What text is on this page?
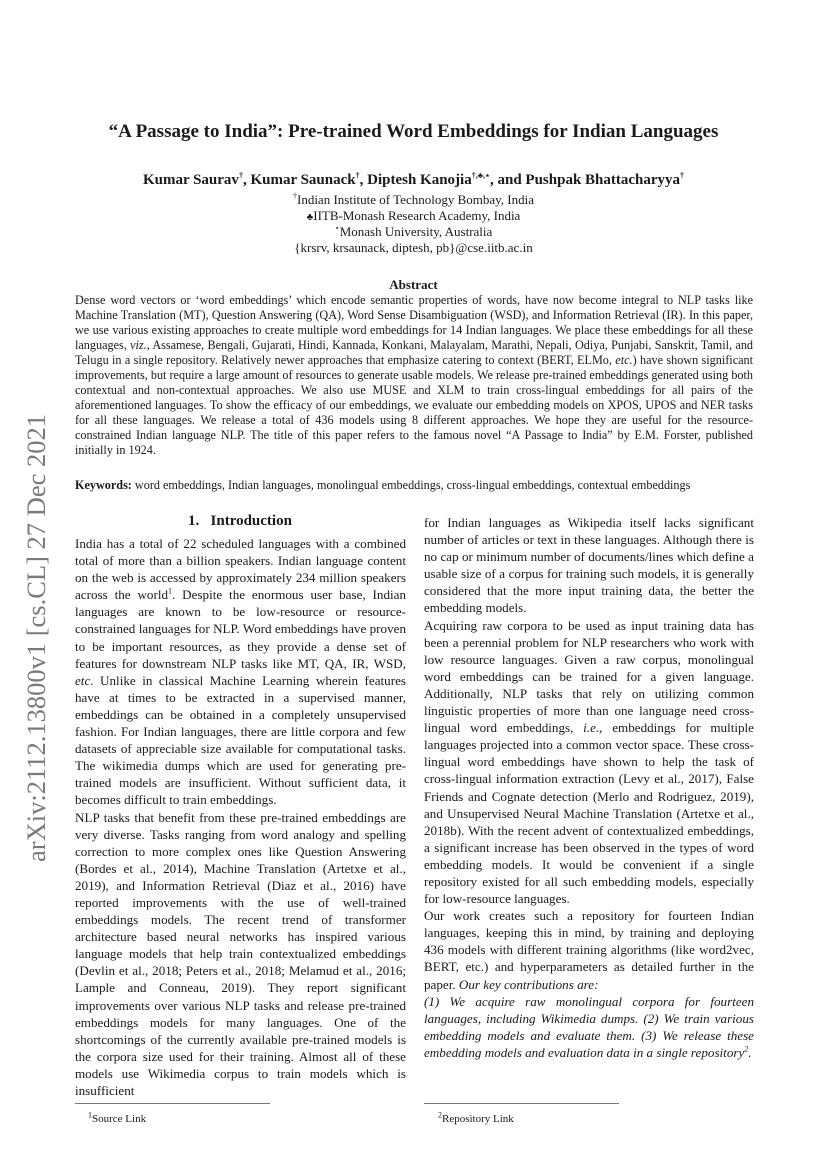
arXiv:2112.13800v1 [cs.CL] 27 Dec 2021
“A Passage to India”: Pre-trained Word Embeddings for Indian Languages
Kumar Saurav†, Kumar Saunack†, Diptesh Kanojia†,♣,⋆, and Pushpak Bhattacharyya†
†Indian Institute of Technology Bombay, India
♣IITB-Monash Research Academy, India
⋆Monash University, Australia
{krsrv, krsaunack, diptesh, pb}@cse.iitb.ac.in
Abstract
Dense word vectors or ‘word embeddings’ which encode semantic properties of words, have now become integral to NLP tasks like Machine Translation (MT), Question Answering (QA), Word Sense Disambiguation (WSD), and Information Retrieval (IR). In this paper, we use various existing approaches to create multiple word embeddings for 14 Indian languages. We place these embeddings for all these languages, viz., Assamese, Bengali, Gujarati, Hindi, Kannada, Konkani, Malayalam, Marathi, Nepali, Odiya, Punjabi, Sanskrit, Tamil, and Telugu in a single repository. Relatively newer approaches that emphasize catering to context (BERT, ELMo, etc.) have shown significant improvements, but require a large amount of resources to generate usable models. We release pre-trained embeddings generated using both contextual and non-contextual approaches. We also use MUSE and XLM to train cross-lingual embeddings for all pairs of the aforementioned languages. To show the efficacy of our embeddings, we evaluate our embedding models on XPOS, UPOS and NER tasks for all these languages. We release a total of 436 models using 8 different approaches. We hope they are useful for the resource-constrained Indian language NLP. The title of this paper refers to the famous novel “A Passage to India” by E.M. Forster, published initially in 1924.
Keywords: word embeddings, Indian languages, monolingual embeddings, cross-lingual embeddings, contextual embeddings
1. Introduction

India has a total of 22 scheduled languages with a combined total of more than a billion speakers. Indian language content on the web is accessed by approximately 234 million speakers across the world$^1$. Despite the enormous user base, Indian languages are known to be low-resource or resource-constrained languages for NLP. Word embeddings have proven to be important resources, as they provide a dense set of features for downstream NLP tasks like MT, QA, IR, WSD, etc. Unlike in classical Machine Learning wherein features have at times to be extracted in a supervised manner, embeddings can be obtained in a completely unsupervised fashion. For Indian languages, there are little corpora and few datasets of appreciable size available for computational tasks. The wikimedia dumps which are used for generating pre-trained models are insufficient. Without sufficient data, it becomes difficult to train embeddings.

NLP tasks that benefit from these pre-trained embeddings are very diverse. Tasks ranging from word analogy and spelling correction to more complex ones like Question Answering (Bordes et al., 2014), Machine Translation (Artetxe et al., 2019), and Information Retrieval (Diaz et al., 2016) have reported improvements with the use of well-trained embeddings models. The recent trend of transformer architecture based neural networks has inspired various language models that help train contextualized embeddings (Devlin et al., 2018; Peters et al., 2018; Melamud et al., 2016; Lample and Conneau, 2019). They report significant improvements over various NLP tasks and release pre-trained embeddings models for many languages. One of the shortcomings of the currently available pre-trained models is the corpora size used for their training. Almost all of these models use Wikimedia corpus to train models which is insufficient

for Indian languages as Wikipedia itself lacks significant number of articles or text in these languages. Although there is no cap or minimum number of documents/lines which define a usable size of a corpus for training such models, it is generally considered that the more input training data, the better the embedding models.

Acquiring raw corpora to be used as input training data has been a perennial problem for NLP researchers who work with low resource languages. Given a raw corpus, monolingual word embeddings can be trained for a given language. Additionally, NLP tasks that rely on utilizing common linguistic properties of more than one language need cross-lingual word embeddings, i.e., embeddings for multiple languages projected into a common vector space. These cross-lingual word embeddings have shown to help the task of cross-lingual information extraction (Levy et al., 2017), False Friends and Cognate detection (Merlo and Rodriguez, 2019), and Unsupervised Neural Machine Translation (Artetxe et al., 2018b). With the recent advent of contextualized embeddings, a significant increase has been observed in the types of word embedding models. It would be convenient if a single repository existed for all such embedding models, especially for low-resource languages.

Our work creates such a repository for fourteen Indian languages, keeping this in mind, by training and deploying 436 models with different training algorithms (like word2vec, BERT, etc.) and hyperparameters as detailed further in the paper. Our key contributions are:

(1) We acquire raw monolingual corpora for fourteen languages, including Wikimedia dumps. (2) We train various embedding models and evaluate them. (3) We release these embedding models and evaluation data in a single repository$^2$.

$^1$Source Link	$^2$Repository Link
